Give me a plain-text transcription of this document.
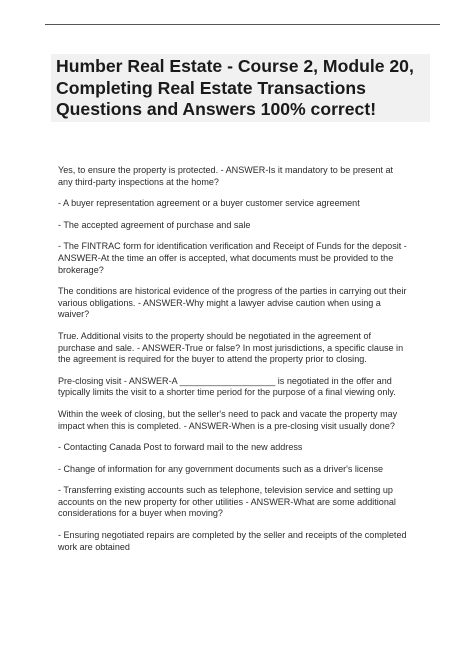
Humber Real Estate - Course 2, Module 20, Completing Real Estate Transactions Questions and Answers 100% correct!

Yes, to ensure the property is protected. - ANSWER-Is it mandatory to be present at
any third-party inspections at the home?

- A buyer representation agreement or a buyer customer service agreement

- The accepted agreement of purchase and sale

- The FINTRAC form for identification verification and Receipt of Funds for the deposit -
ANSWER-At the time an offer is accepted, what documents must be provided to the
brokerage?

The conditions are historical evidence of the progress of the parties in carrying out their
various obligations. - ANSWER-Why might a lawyer advise caution when using a
waiver?

True. Additional visits to the property should be negotiated in the agreement of
purchase and sale. - ANSWER-True or false? In most jurisdictions, a specific clause in
the agreement is required for the buyer to attend the property prior to closing.

Pre-closing visit - ANSWER-A ___________________ is negotiated in the offer and
typically limits the visit to a shorter time period for the purpose of a final viewing only.

Within the week of closing, but the seller's need to pack and vacate the property may
impact when this is completed. - ANSWER-When is a pre-closing visit usually done?

- Contacting Canada Post to forward mail to the new address

- Change of information for any government documents such as a driver's license

- Transferring existing accounts such as telephone, television service and setting up
accounts on the new property for other utilities - ANSWER-What are some additional
considerations for a buyer when moving?

- Ensuring negotiated repairs are completed by the seller and receipts of the completed
work are obtained
